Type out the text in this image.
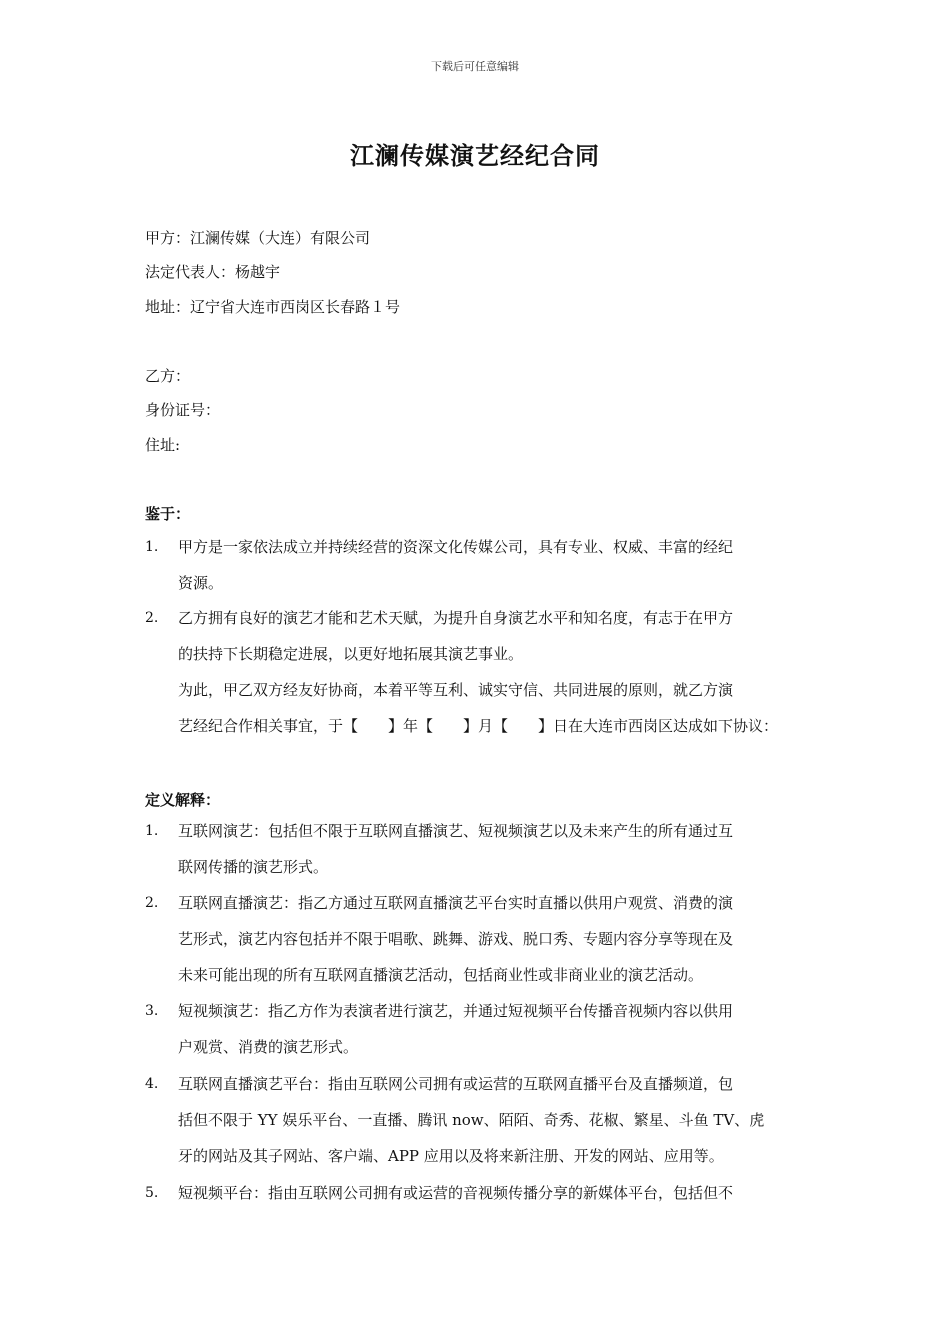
下载后可任意编辑
江澜传媒演艺经纪合同
甲方：江澜传媒（大连）有限公司
法定代表人：杨越宇
地址：辽宁省大连市西岗区长春路１号
乙方：
身份证号：
住址:
鉴于：
1. 甲方是一家依法成立并持续经营的资深文化传媒公司，具有专业、权威、丰富的经纪
资源。
2. 乙方拥有良好的演艺才能和艺术天赋，为提升自身演艺水平和知名度，有志于在甲方
的扶持下长期稳定进展，以更好地拓展其演艺事业。
为此，甲乙双方经友好协商，本着平等互利、诚实守信、共同进展的原则，就乙方演
艺经纪合作相关事宜，于【　　】年【　　】月【　　】日在大连市西岗区达成如下协议：
定义解释：
1. 互联网演艺：包括但不限于互联网直播演艺、短视频演艺以及未来产生的所有通过互
联网传播的演艺形式。
2. 互联网直播演艺：指乙方通过互联网直播演艺平台实时直播以供用户观赏、消费的演
艺形式，演艺内容包括并不限于唱歌、跳舞、游戏、脱口秀、专题内容分享等现在及
未来可能出现的所有互联网直播演艺活动，包括商业性或非商业业的演艺活动。
3. 短视频演艺：指乙方作为表演者进行演艺，并通过短视频平台传播音视频内容以供用
户观赏、消费的演艺形式。
4. 互联网直播演艺平台：指由互联网公司拥有或运营的互联网直播平台及直播频道，包
括但不限于 YY 娱乐平台、一直播、腾讯 now、陌陌、奇秀、花椒、繁星、斗鱼 TV、虎
牙的网站及其子网站、客户端、APP 应用以及将来新注册、开发的网站、应用等。
5. 短视频平台：指由互联网公司拥有或运营的音视频传播分享的新媒体平台，包括但不
